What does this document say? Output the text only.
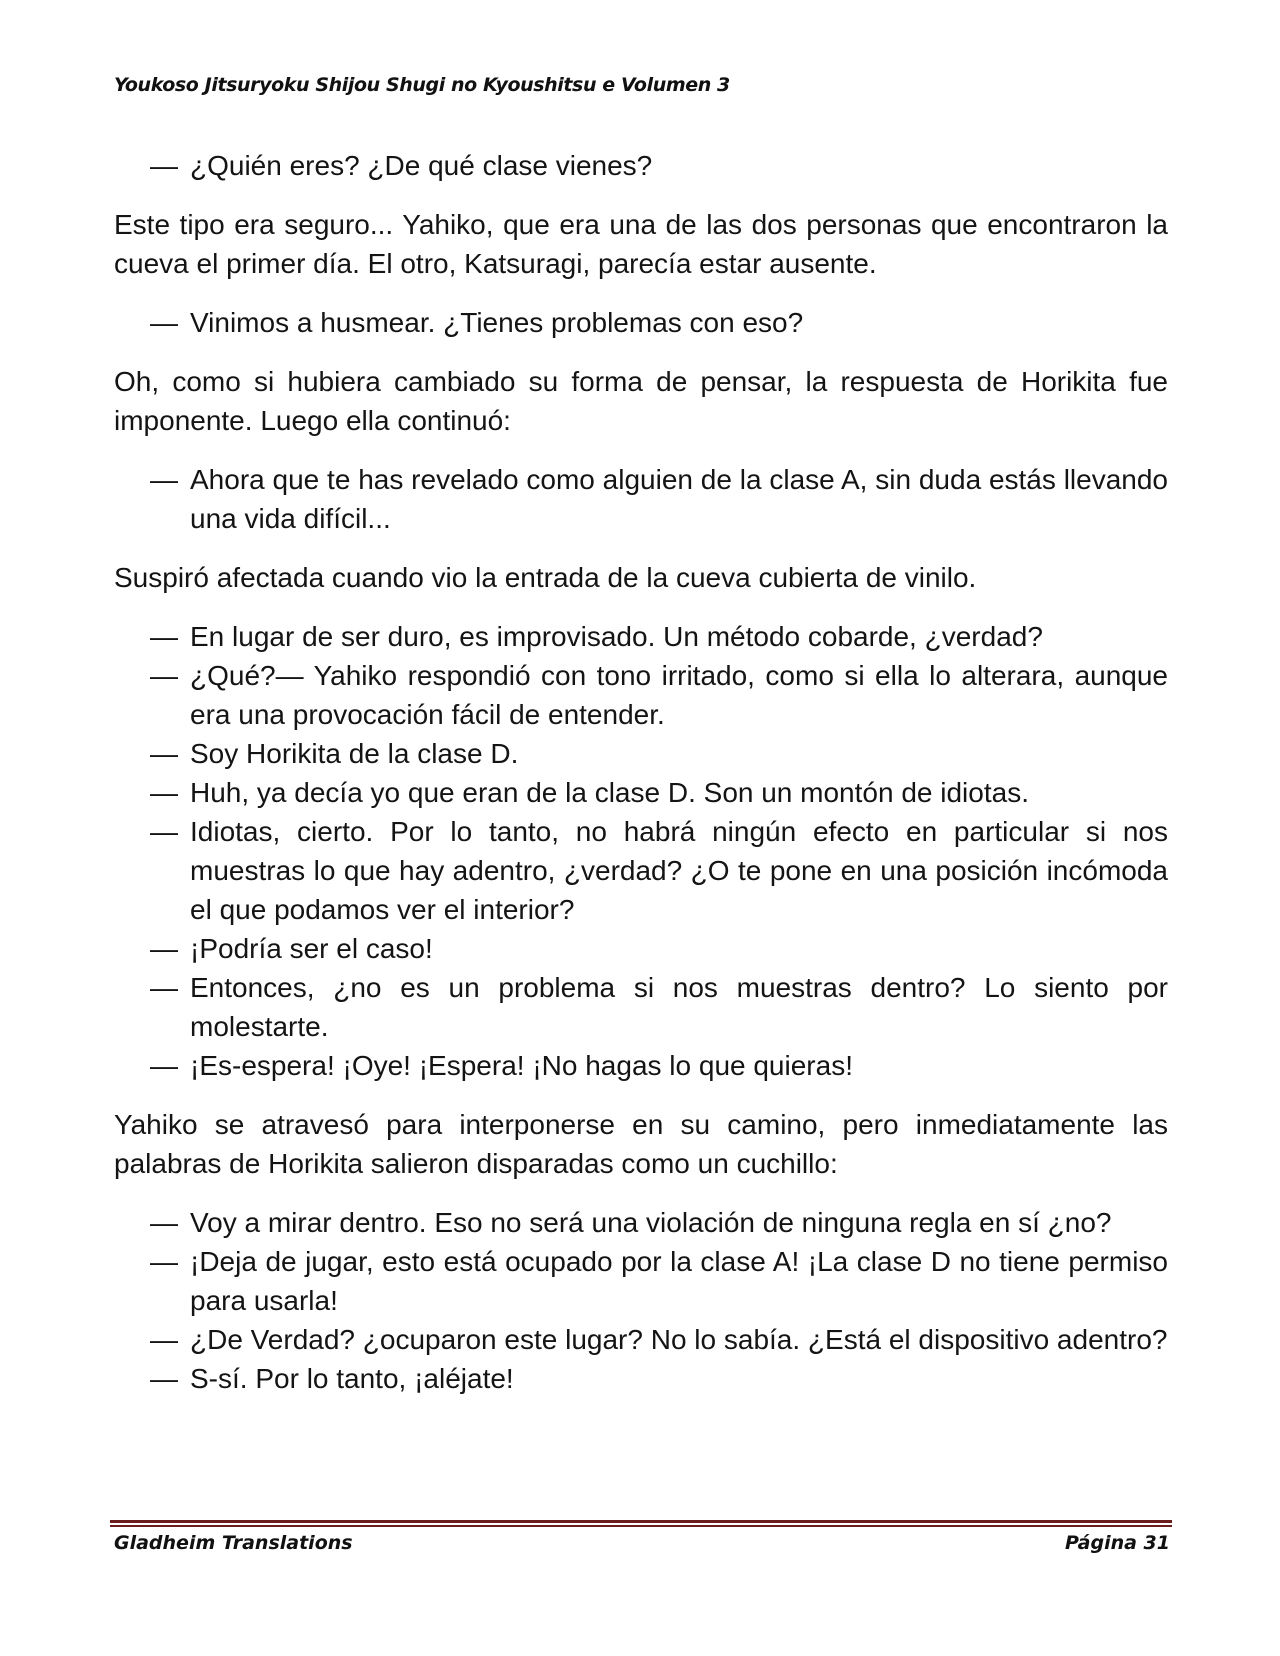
Youkoso Jitsuryoku Shijou Shugi no Kyoushitsu e Volumen 3
— ¿Quién eres? ¿De qué clase vienes?

Este tipo era seguro... Yahiko, que era una de las dos personas que encontraron la cueva el primer día. El otro, Katsuragi, parecía estar ausente.

— Vinimos a husmear. ¿Tienes problemas con eso?

Oh, como si hubiera cambiado su forma de pensar, la respuesta de Horikita fue imponente. Luego ella continuó:

— Ahora que te has revelado como alguien de la clase A, sin duda estás llevando una vida difícil...

Suspiró afectada cuando vio la entrada de la cueva cubierta de vinilo.

— En lugar de ser duro, es improvisado. Un método cobarde, ¿verdad?
— ¿Qué?— Yahiko respondió con tono irritado, como si ella lo alterara, aunque era una provocación fácil de entender.
— Soy Horikita de la clase D.
— Huh, ya decía yo que eran de la clase D. Son un montón de idiotas.
— Idiotas, cierto. Por lo tanto, no habrá ningún efecto en particular si nos muestras lo que hay adentro, ¿verdad? ¿O te pone en una posición incómoda el que podamos ver el interior?
— ¡Podría ser el caso!
— Entonces, ¿no es un problema si nos muestras dentro? Lo siento por molestarte.
— ¡Es-espera! ¡Oye! ¡Espera! ¡No hagas lo que quieras!

Yahiko se atravesó para interponerse en su camino, pero inmediatamente las palabras de Horikita salieron disparadas como un cuchillo:

— Voy a mirar dentro. Eso no será una violación de ninguna regla en sí ¿no?
— ¡Deja de jugar, esto está ocupado por la clase A! ¡La clase D no tiene permiso para usarla!
— ¿De Verdad? ¿ocuparon este lugar? No lo sabía. ¿Está el dispositivo adentro?
— S-sí. Por lo tanto, ¡aléjate!
Gladheim Translations	Página 31
